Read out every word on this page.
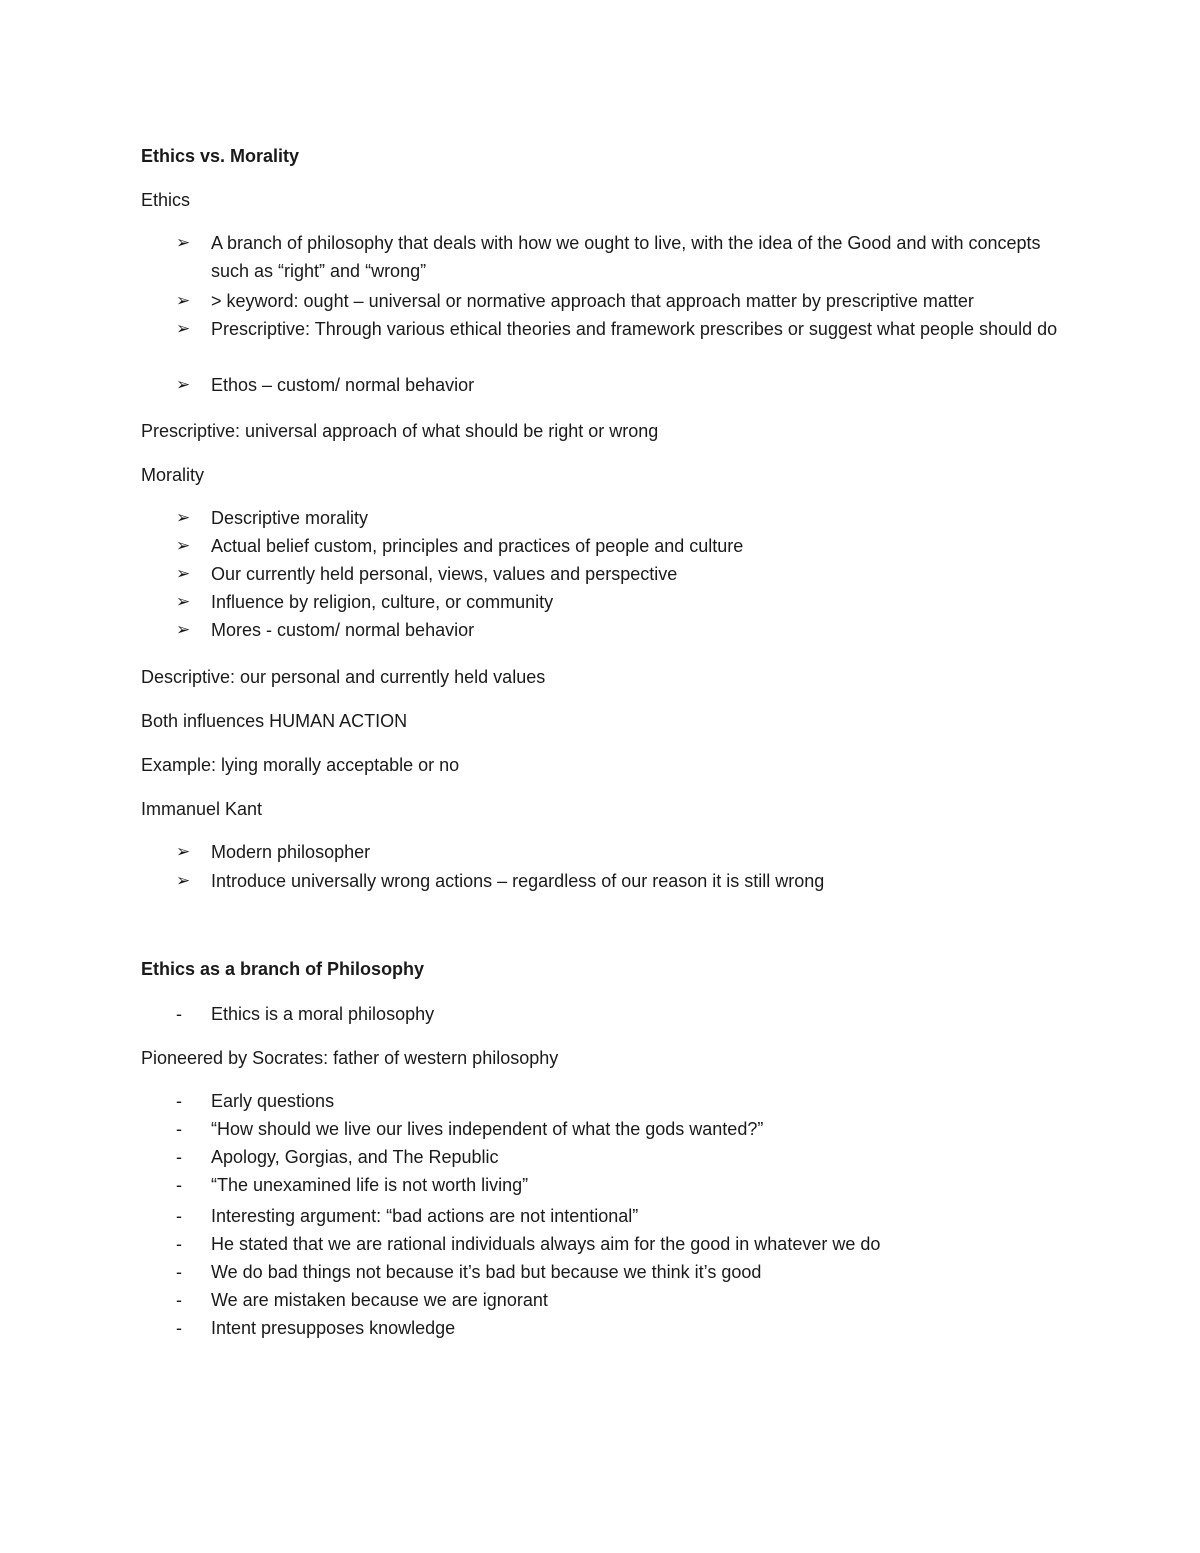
Ethics vs. Morality
Ethics
➢	A branch of philosophy that deals with how we ought to live, with the idea of the Good and with concepts such as “right” and “wrong”
➢	> keyword: ought – universal or normative approach that approach matter by prescriptive matter
➢	Prescriptive: Through various ethical theories and framework prescribes or suggest what people should do
➢	Ethos – custom/ normal behavior
Prescriptive: universal approach of what should be right or wrong
Morality
➢	Descriptive morality
➢	Actual belief custom, principles and practices of people and culture
➢	Our currently held personal, views, values and perspective
➢	Influence by religion, culture, or community
➢	Mores - custom/ normal behavior
Descriptive: our personal and currently held values
Both influences HUMAN ACTION
Example: lying morally acceptable or no
Immanuel Kant
➢	Modern philosopher
➢	Introduce universally wrong actions – regardless of our reason it is still wrong
Ethics as a branch of Philosophy
-	Ethics is a moral philosophy
Pioneered by Socrates: father of western philosophy
-	Early questions
-	“How should we live our lives independent of what the gods wanted?”
-	Apology, Gorgias, and The Republic
-	“The unexamined life is not worth living”
-	Interesting argument: “bad actions are not intentional”
-	He stated that we are rational individuals always aim for the good in whatever we do
-	We do bad things not because it’s bad but because we think it’s good
-	We are mistaken because we are ignorant
-	Intent presupposes knowledge
